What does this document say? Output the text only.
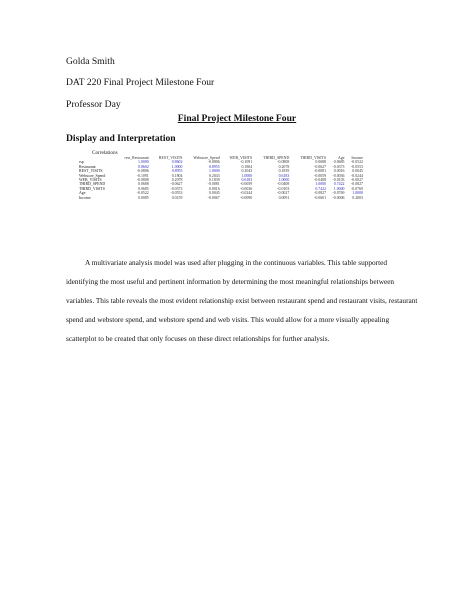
Golda Smith
DAT 220 Final Project Milestone Four
Professor Day
Final Project Milestone Four
Display and Interpretation
Correlations
	rest_Restaurant	REST_VISITS	Webstore_Spend	WEB_VISITS	THIRD_SPEND	THIRD_VISITS	Age	Income
rsp	1.0000	0.8602	-0.0806	-0.1091	-0.0808	0.0688	0.0685	-0.0522
Restaurant	0.8602	1.0000	0.8955	0.1804	0.2078	-0.0627	-0.0373	-0.0553
REST_VISITS	-0.0806	0.8955	1.0000	0.2043	0.1839	-0.0081	0.0016	0.0045
Webstore_Spend	-0.1091	0.1804	0.2043	1.0000	0.6183	-0.0059	-0.0036	-0.0244
WEB_VISITS	-0.0808	0.2078	0.1839	0.6183	1.0000	-0.0408	-0.0103	-0.0027
THIRD_SPEND	0.0688	-0.0627	-0.0081	-0.0059	-0.0408	1.0000	0.7422	-0.0827
THIRD_VISITS	0.0685	-0.0373	0.0016	-0.0036	-0.0103	0.7422	1.0000	-0.0769
Age	-0.0522	-0.0553	0.0045	-0.0244	-0.0027	-0.0827	-0.0769	1.0000
Income	0.0085	0.0159	-0.0067	-0.0090	0.0091	-0.0601	-0.0006	0.2003

A multivariate analysis model was used after plugging in the continuous variables. This table supported identifying the most useful and pertinent information by determining the most meaningful relationships between variables. This table reveals the most evident relationship exist between restaurant spend and restaurant visits, restaurant spend and webstore spend, and webstore spend and web visits. This would allow for a more visually appealing scatterplot to be created that only focuses on these direct relationships for further analysis.
